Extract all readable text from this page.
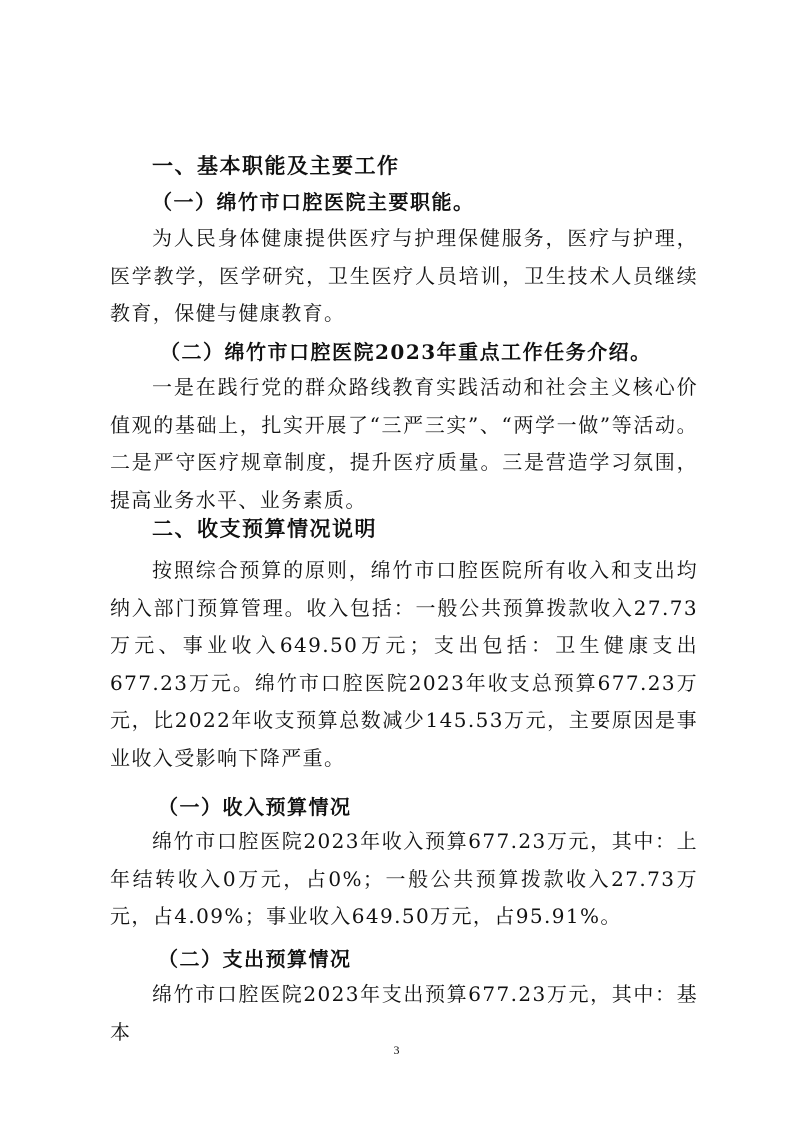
一、基本职能及主要工作
（一）绵竹市口腔医院主要职能。

为人民身体健康提供医疗与护理保健服务，医疗与护理，医学教学，医学研究，卫生医疗人员培训，卫生技术人员继续教育，保健与健康教育。

（二）绵竹市口腔医院2023年重点工作任务介绍。

一是在践行党的群众路线教育实践活动和社会主义核心价值观的基础上，扎实开展了“三严三实”、“两学一做”等活动。二是严守医疗规章制度，提升医疗质量。三是营造学习氛围，提高业务水平、业务素质。

二、收支预算情况说明

按照综合预算的原则，绵竹市口腔医院所有收入和支出均纳入部门预算管理。收入包括：一般公共预算拨款收入27.73万元、事业收入649.50万元；支出包括：卫生健康支出677.23万元。绵竹市口腔医院2023年收支总预算677.23万元，比2022年收支预算总数减少145.53万元，主要原因是事业收入受影响下降严重。

（一）收入预算情况

绵竹市口腔医院2023年收入预算677.23万元，其中：上年结转收入0万元，占0%；一般公共预算拨款收入27.73万元，占4.09%；事业收入649.50万元，占95.91%。

（二）支出预算情况

绵竹市口腔医院2023年支出预算677.23万元，其中：基本

3
